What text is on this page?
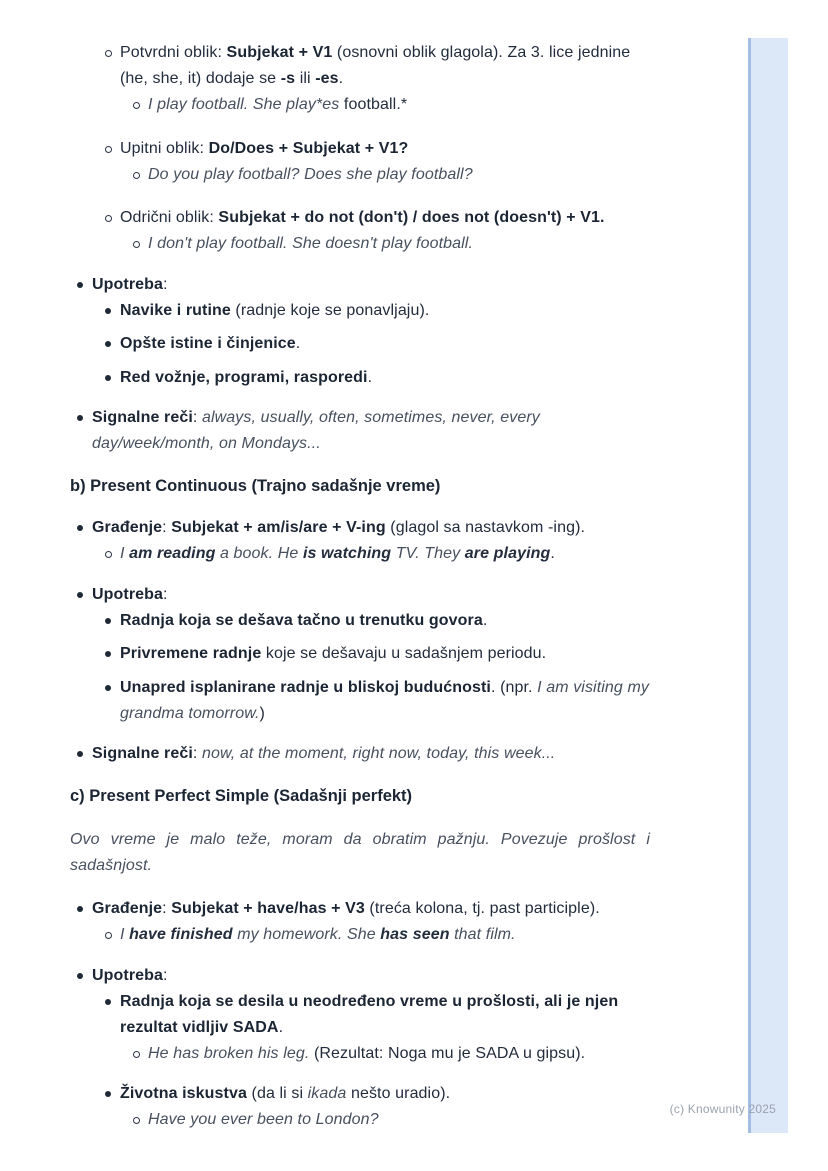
Potvrdni oblik: Subjekat + V1 (osnovni oblik glagola). Za 3. lice jednine (he, she, it) dodaje se -s ili -es.
I play football. She play*es football.*
Upitni oblik: Do/Does + Subjekat + V1?
Do you play football? Does she play football?
Odrični oblik: Subjekat + do not (don't) / does not (doesn't) + V1.
I don't play football. She doesn't play football.
Upotreba:
Navike i rutine (radnje koje se ponavljaju).
Opšte istine i činjenice.
Red vožnje, programi, rasporedi.
Signalne reči: always, usually, often, sometimes, never, every day/week/month, on Mondays...
b) Present Continuous (Trajno sadašnje vreme)
Građenje: Subjekat + am/is/are + V-ing (glagol sa nastavkom -ing).
I am reading a book. He is watching TV. They are playing.
Upotreba:
Radnja koja se dešava tačno u trenutku govora.
Privremene radnje koje se dešavaju u sadašnjem periodu.
Unapred isplanirane radnje u bliskoj budućnosti. (npr. I am visiting my grandma tomorrow.)
Signalne reči: now, at the moment, right now, today, this week...
c) Present Perfect Simple (Sadašnji perfekt)
Ovo vreme je malo teže, moram da obratim pažnju. Povezuje prošlost i sadašnjost.
Građenje: Subjekat + have/has + V3 (treća kolona, tj. past participle).
I have finished my homework. She has seen that film.
Upotreba:
Radnja koja se desila u neodređeno vreme u prošlosti, ali je njen rezultat vidljiv SADA.
He has broken his leg. (Rezultat: Noga mu je SADA u gipsu).
Životna iskustva (da li si ikada nešto uradio).
Have you ever been to London?
(c) Knowunity 2025
